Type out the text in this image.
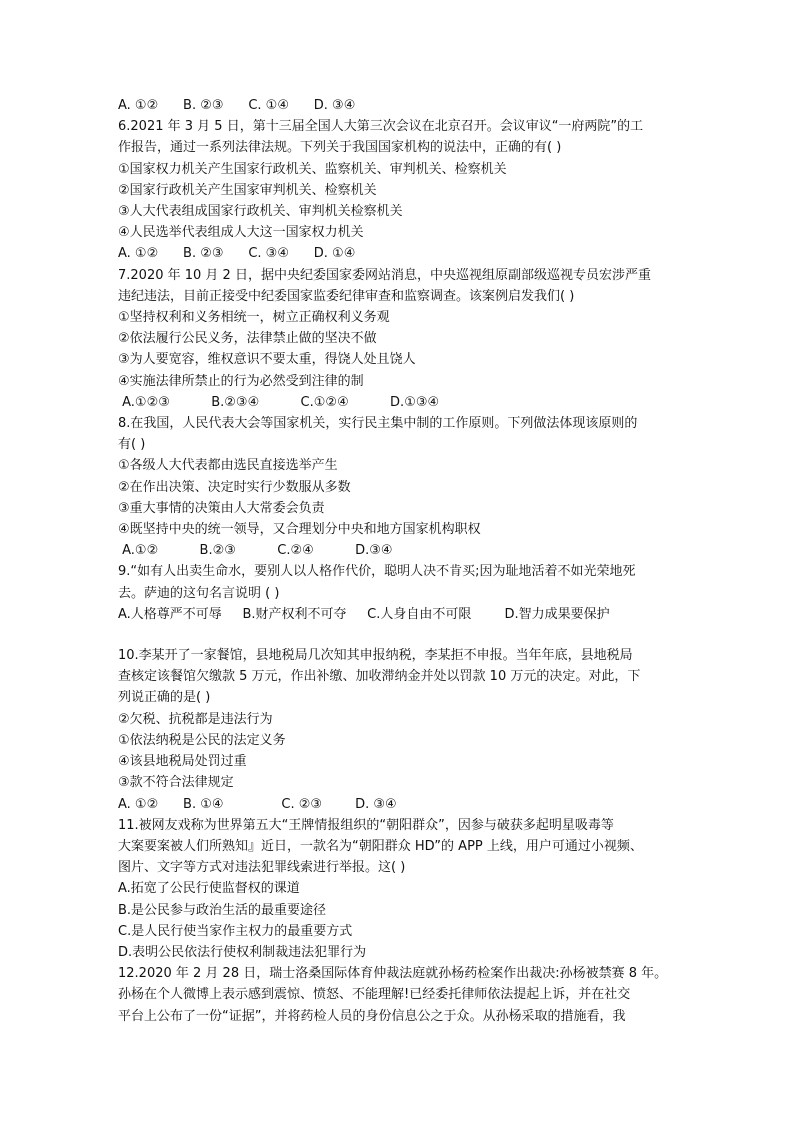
A. ①②      B. ②③      C. ①④      D. ③④
6.2021 年 3 月 5 日，第十三届全国人大第三次会议在北京召开。会议审议“一府两院”的工
作报告，通过一系列法律法规。下列关于我国国家机构的说法中，正确的有( )
①国家权力机关产生国家行政机关、监察机关、审判机关、检察机关
②国家行政机关产生国家审判机关、检察机关
③人大代表组成国家行政机关、审判机关检察机关
④人民选举代表组成人大这一国家权力机关
A. ①②      B. ②③      C. ③④      D. ①④
7.2020 年 10 月 2 日，据中央纪委国家委网站消息，中央巡视组原副部级巡视专员宏涉严重
违纪违法，目前正接受中纪委国家监委纪律审查和监察调查。该案例启发我们( )
①坚持权利和义务相统一，树立正确权利义务观
②依法履行公民义务，法律禁止做的坚决不做
③为人要宽容，维权意识不要太重，得饶人处且饶人
④实施法律所禁止的行为必然受到注律的制
A.①②③          B.②③④          C.①②④          D.①③④
8.在我国，人民代表大会等国家机关，实行民主集中制的工作原则。下列做法体现该原则的
有( )
①各级人大代表都由选民直接选举产生
②在作出决策、决定时实行少数服从多数
③重大事情的决策由人大常委会负责
④既坚持中央的统一领导，又合理划分中央和地方国家机构职权
A.①②          B.②③          C.②④          D.③④
9.“如有人出卖生命水，要别人以人格作代价，聪明人决不肯买;因为耻地活着不如光荣地死
去。萨迪的这句名言说明 ( )
A.人格尊严不可辱     B.财产权利不可夺     C.人身自由不可限        D.智力成果要保护
10.李某开了一家餐馆，县地税局几次知其申报纳税，李某拒不申报。当年年底，县地税局
查核定该餐馆欠缴款 5 万元，作出补缴、加收滞纳金并处以罚款 10 万元的决定。对此，下
列说正确的是( )
②欠税、抗税都是违法行为
①依法纳税是公民的法定义务
④该县地税局处罚过重
③款不符合法律规定
A. ①②      B. ①④              C. ②③        D. ③④
11.被网友戏称为世界第五大“王牌情报组织的“朝阳群众”，因参与破获多起明星吸毒等
大案要案被人们所熟知』近日，一款名为“朝阳群众 HD”的 APP 上线，用户可通过小视频、
图片、文字等方式对违法犯罪线索进行举报。这( )
A.拓宽了公民行使监督权的课道
B.是公民参与政治生活的最重要途径
C.是人民行使当家作主权力的最重要方式
D.表明公民依法行使权利制裁违法犯罪行为
12.2020 年 2 月 28 日，瑞士洛桑国际体育仲裁法庭就孙杨药检案作出裁决:孙杨被禁赛 8 年。
孙杨在个人微博上表示感到震惊、愤怒、不能理解!已经委托律师依法提起上诉，并在社交
平台上公布了一份“证据”，并将药检人员的身份信息公之于众。从孙杨采取的措施看，我
